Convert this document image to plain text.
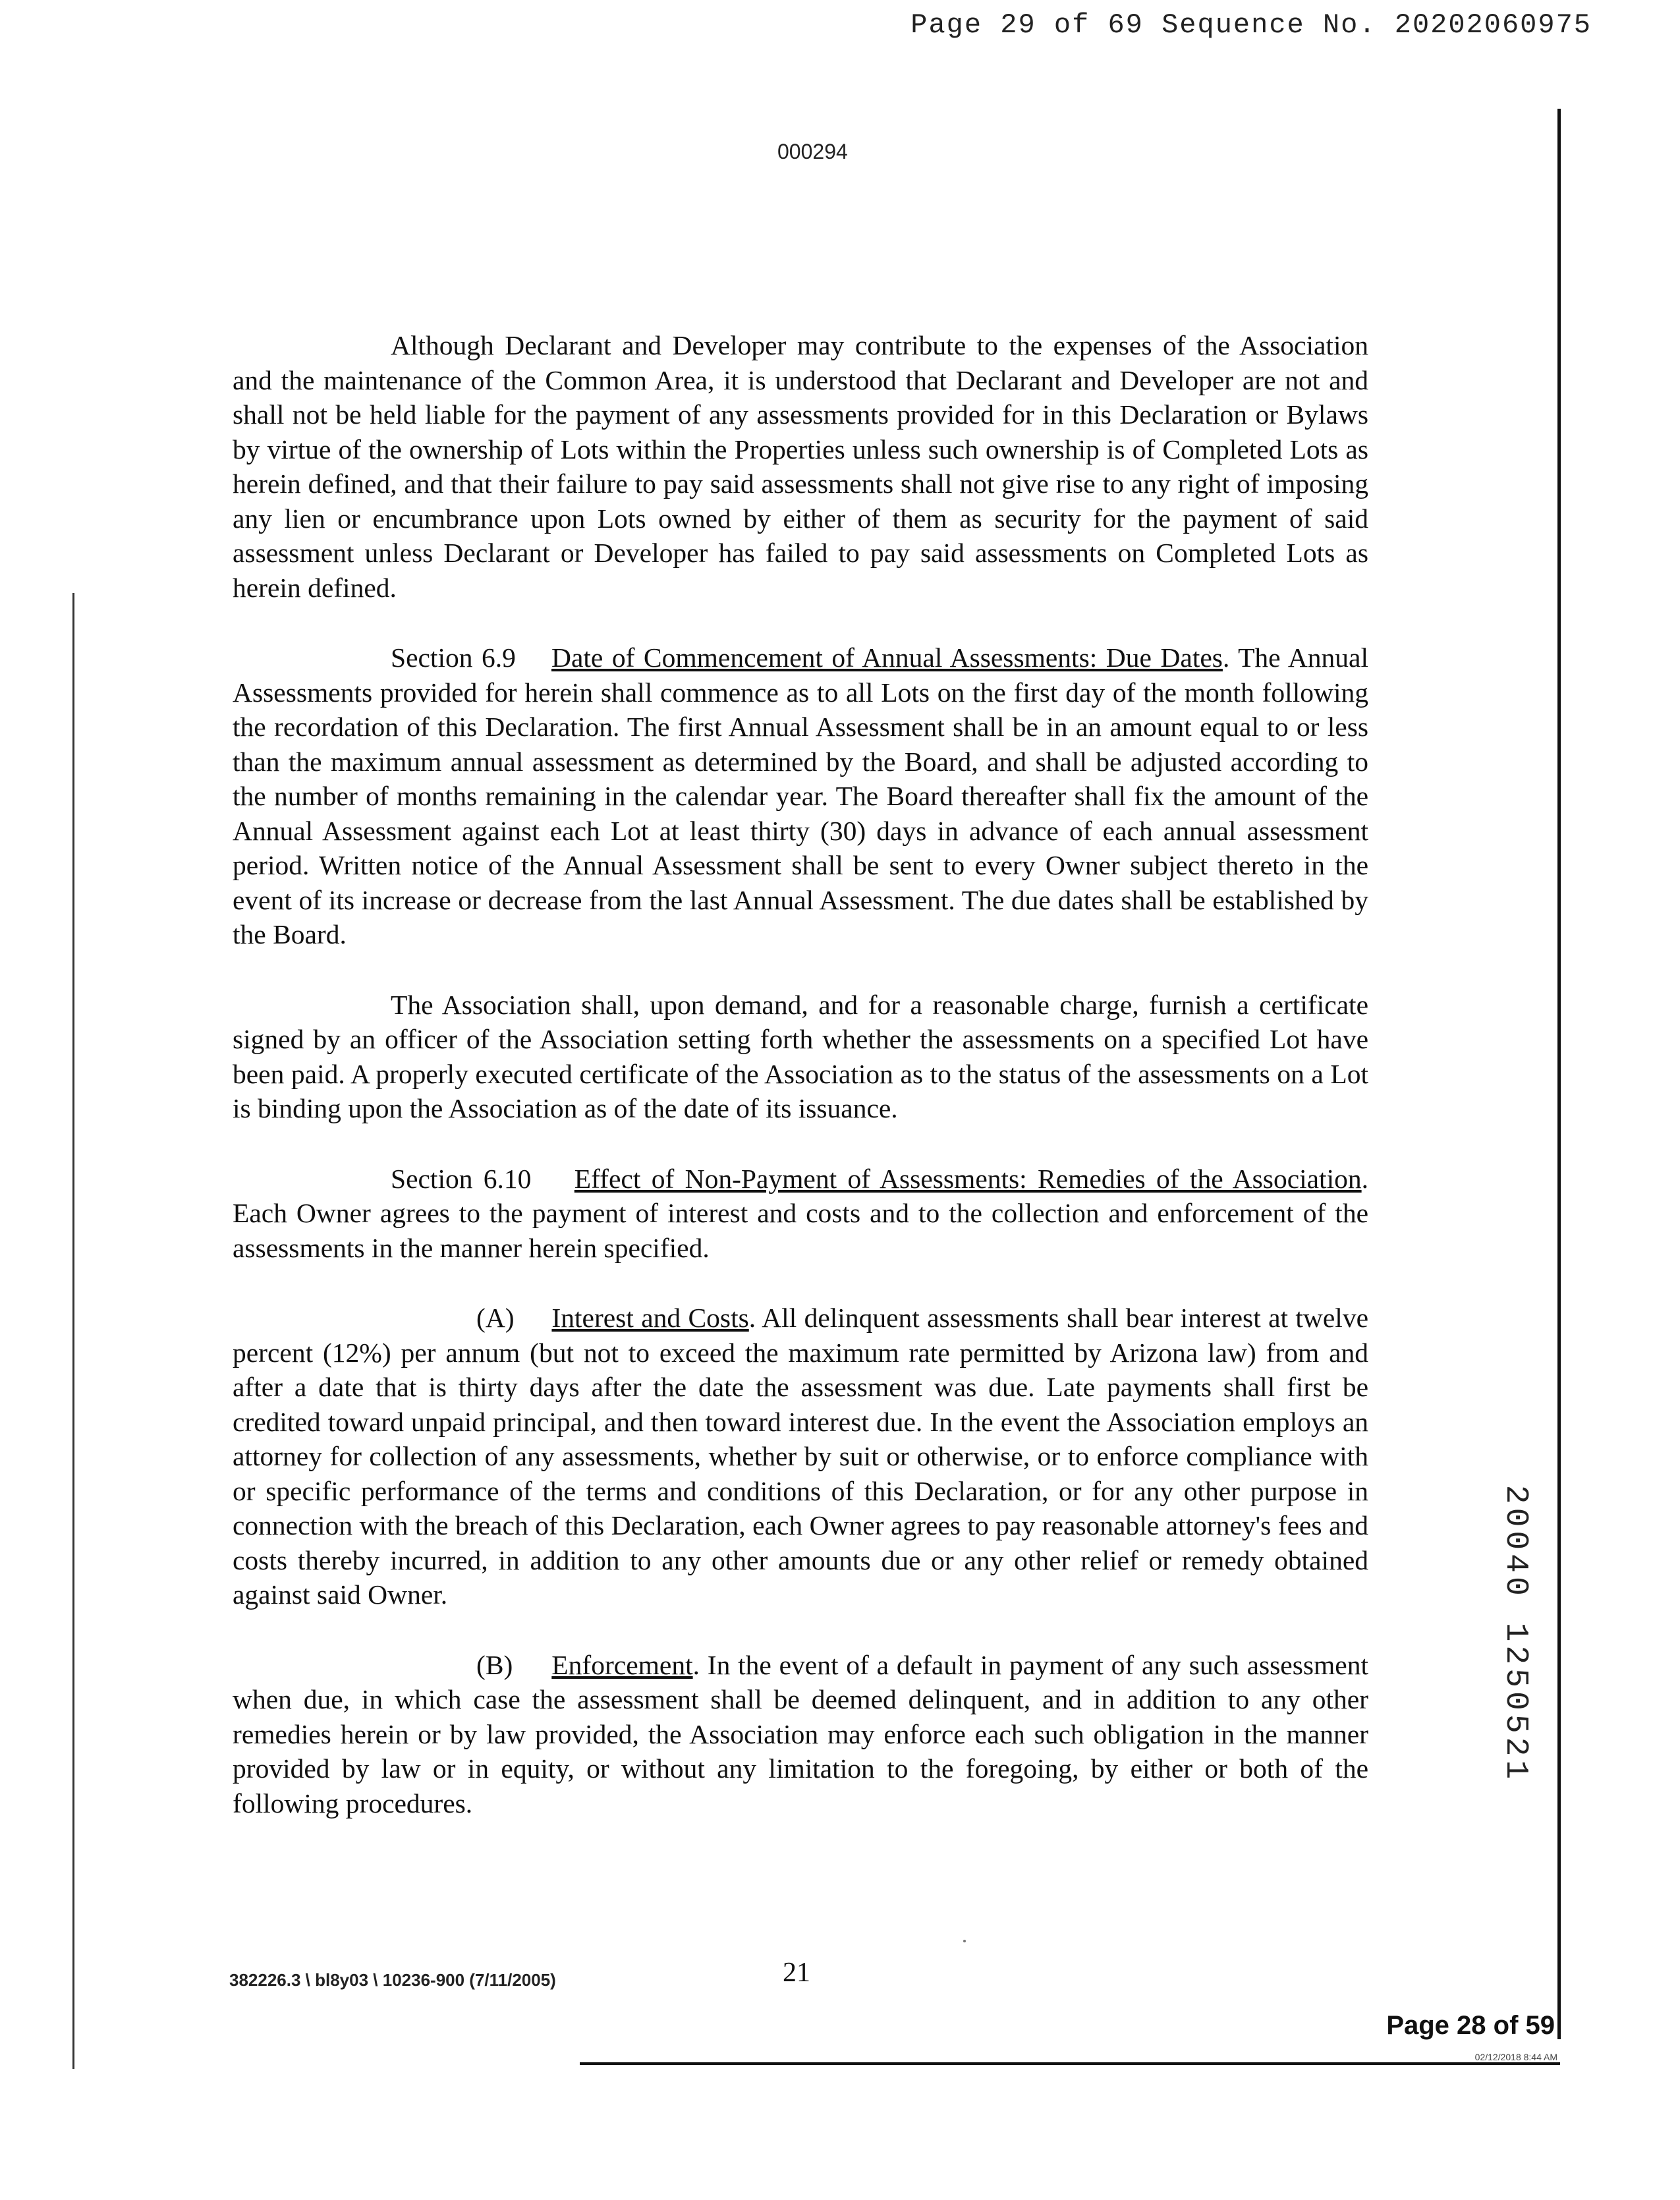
Page 29 of 69 Sequence No. 20202060975
000294

Although Declarant and Developer may contribute to the expenses of the Association and the maintenance of the Common Area, it is understood that Declarant and Developer are not and shall not be held liable for the payment of any assessments provided for in this Declaration or Bylaws by virtue of the ownership of Lots within the Properties unless such ownership is of Completed Lots as herein defined, and that their failure to pay said assessments shall not give rise to any right of imposing any lien or encumbrance upon Lots owned by either of them as security for the payment of said assessment unless Declarant or Developer has failed to pay said assessments on Completed Lots as herein defined.

Section 6.9 Date of Commencement of Annual Assessments: Due Dates. The Annual Assessments provided for herein shall commence as to all Lots on the first day of the month following the recordation of this Declaration. The first Annual Assessment shall be in an amount equal to or less than the maximum annual assessment as determined by the Board, and shall be adjusted according to the number of months remaining in the calendar year. The Board thereafter shall fix the amount of the Annual Assessment against each Lot at least thirty (30) days in advance of each annual assessment period. Written notice of the Annual Assessment shall be sent to every Owner subject thereto in the event of its increase or decrease from the last Annual Assessment. The due dates shall be established by the Board.

The Association shall, upon demand, and for a reasonable charge, furnish a certificate signed by an officer of the Association setting forth whether the assessments on a specified Lot have been paid. A properly executed certificate of the Association as to the status of the assessments on a Lot is binding upon the Association as of the date of its issuance.

Section 6.10 Effect of Non-Payment of Assessments: Remedies of the Association. Each Owner agrees to the payment of interest and costs and to the collection and enforcement of the assessments in the manner herein specified.

(A) Interest and Costs. All delinquent assessments shall bear interest at twelve percent (12%) per annum (but not to exceed the maximum rate permitted by Arizona law) from and after a date that is thirty days after the date the assessment was due. Late payments shall first be credited toward unpaid principal, and then toward interest due. In the event the Association employs an attorney for collection of any assessments, whether by suit or otherwise, or to enforce compliance with or specific performance of the terms and conditions of this Declaration, or for any other purpose in connection with the breach of this Declaration, each Owner agrees to pay reasonable attorney's fees and costs thereby incurred, in addition to any other amounts due or any other relief or remedy obtained against said Owner.

(B) Enforcement. In the event of a default in payment of any such assessment when due, in which case the assessment shall be deemed delinquent, and in addition to any other remedies herein or by law provided, the Association may enforce each such obligation in the manner provided by law or in equity, or without any limitation to the foregoing, by either or both of the following procedures.

382226.3 \ bl8y03 \ 10236-900 (7/11/2005)	21
20040 1250521
Page 28 of 59
02/12/2018 8:44 AM
